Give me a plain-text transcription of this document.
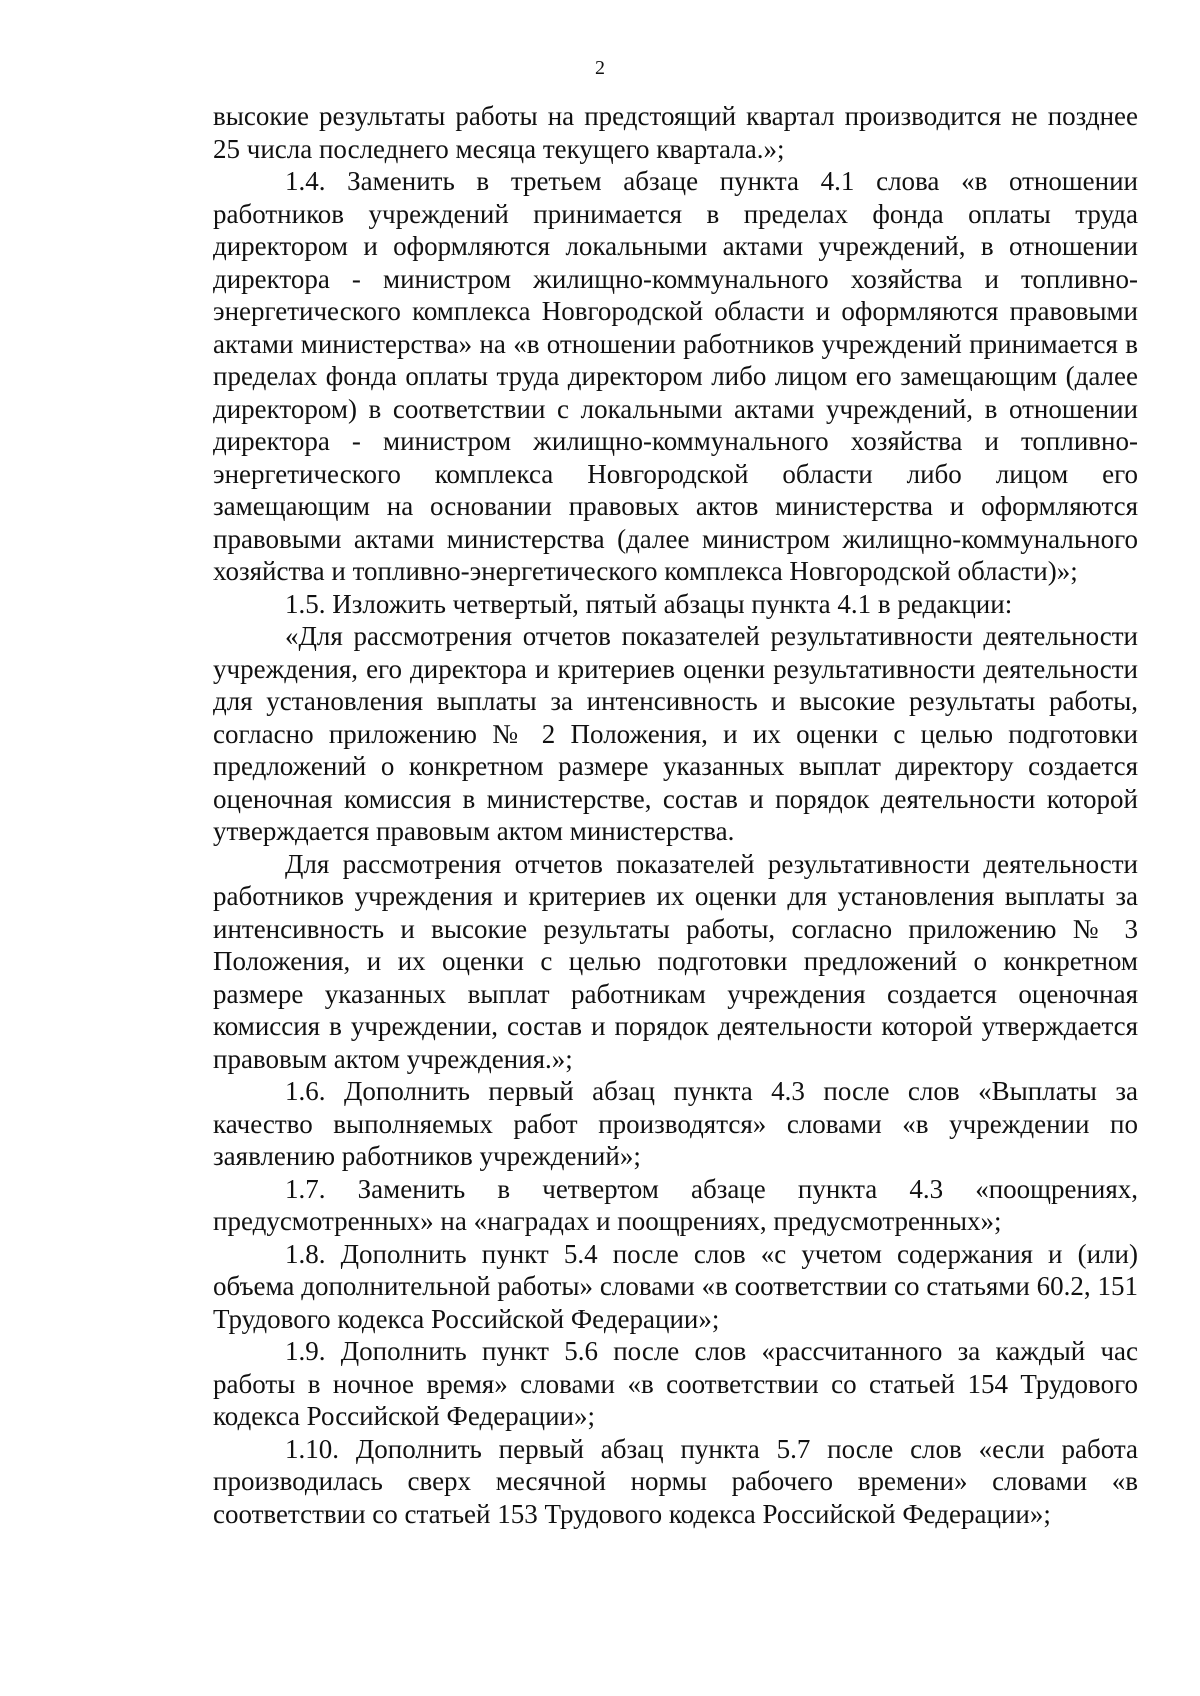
2

высокие результаты работы на предстоящий квартал производится не позднее 25 числа последнего месяца текущего квартала.»;

1.4. Заменить в третьем абзаце пункта 4.1 слова «в отношении работников учреждений принимается в пределах фонда оплаты труда директором и оформляются локальными актами учреждений, в отношении директора - министром жилищно-коммунального хозяйства и топливно-энергетического комплекса Новгородской области и оформляются правовыми актами министерства» на «в отношении работников учреждений принимается в пределах фонда оплаты труда директором либо лицом его замещающим (далее директором) в соответствии с локальными актами учреждений, в отношении директора - министром жилищно-коммунального хозяйства и топливно-энергетического комплекса Новгородской области либо лицом его замещающим на основании правовых актов министерства и оформляются правовыми актами министерства (далее министром жилищно-коммунального хозяйства и топливно-энергетического комплекса Новгородской области)»;

1.5. Изложить четвертый, пятый абзацы пункта 4.1 в редакции:

«Для рассмотрения отчетов показателей результативности деятельности учреждения, его директора и критериев оценки результативности деятельности для установления выплаты за интенсивность и высокие результаты работы, согласно приложению № 2 Положения, и их оценки с целью подготовки предложений о конкретном размере указанных выплат директору создается оценочная комиссия в министерстве, состав и порядок деятельности которой утверждается правовым актом министерства.

Для рассмотрения отчетов показателей результативности деятельности работников учреждения и критериев их оценки для установления выплаты за интенсивность и высокие результаты работы, согласно приложению № 3 Положения, и их оценки с целью подготовки предложений о конкретном размере указанных выплат работникам учреждения создается оценочная комиссия в учреждении, состав и порядок деятельности которой утверждается правовым актом учреждения.»;

1.6. Дополнить первый абзац пункта 4.3 после слов «Выплаты за качество выполняемых работ производятся» словами «в учреждении по заявлению работников учреждений»;

1.7. Заменить в четвертом абзаце пункта 4.3 «поощрениях, предусмотренных» на «наградах и поощрениях, предусмотренных»;

1.8. Дополнить пункт 5.4 после слов «с учетом содержания и (или) объема дополнительной работы» словами «в соответствии со статьями 60.2, 151 Трудового кодекса Российской Федерации»;

1.9. Дополнить пункт 5.6 после слов «рассчитанного за каждый час работы в ночное время» словами «в соответствии со статьей 154 Трудового кодекса Российской Федерации»;

1.10. Дополнить первый абзац пункта 5.7 после слов «если работа производилась сверх месячной нормы рабочего времени» словами «в соответствии со статьей 153 Трудового кодекса Российской Федерации»;
